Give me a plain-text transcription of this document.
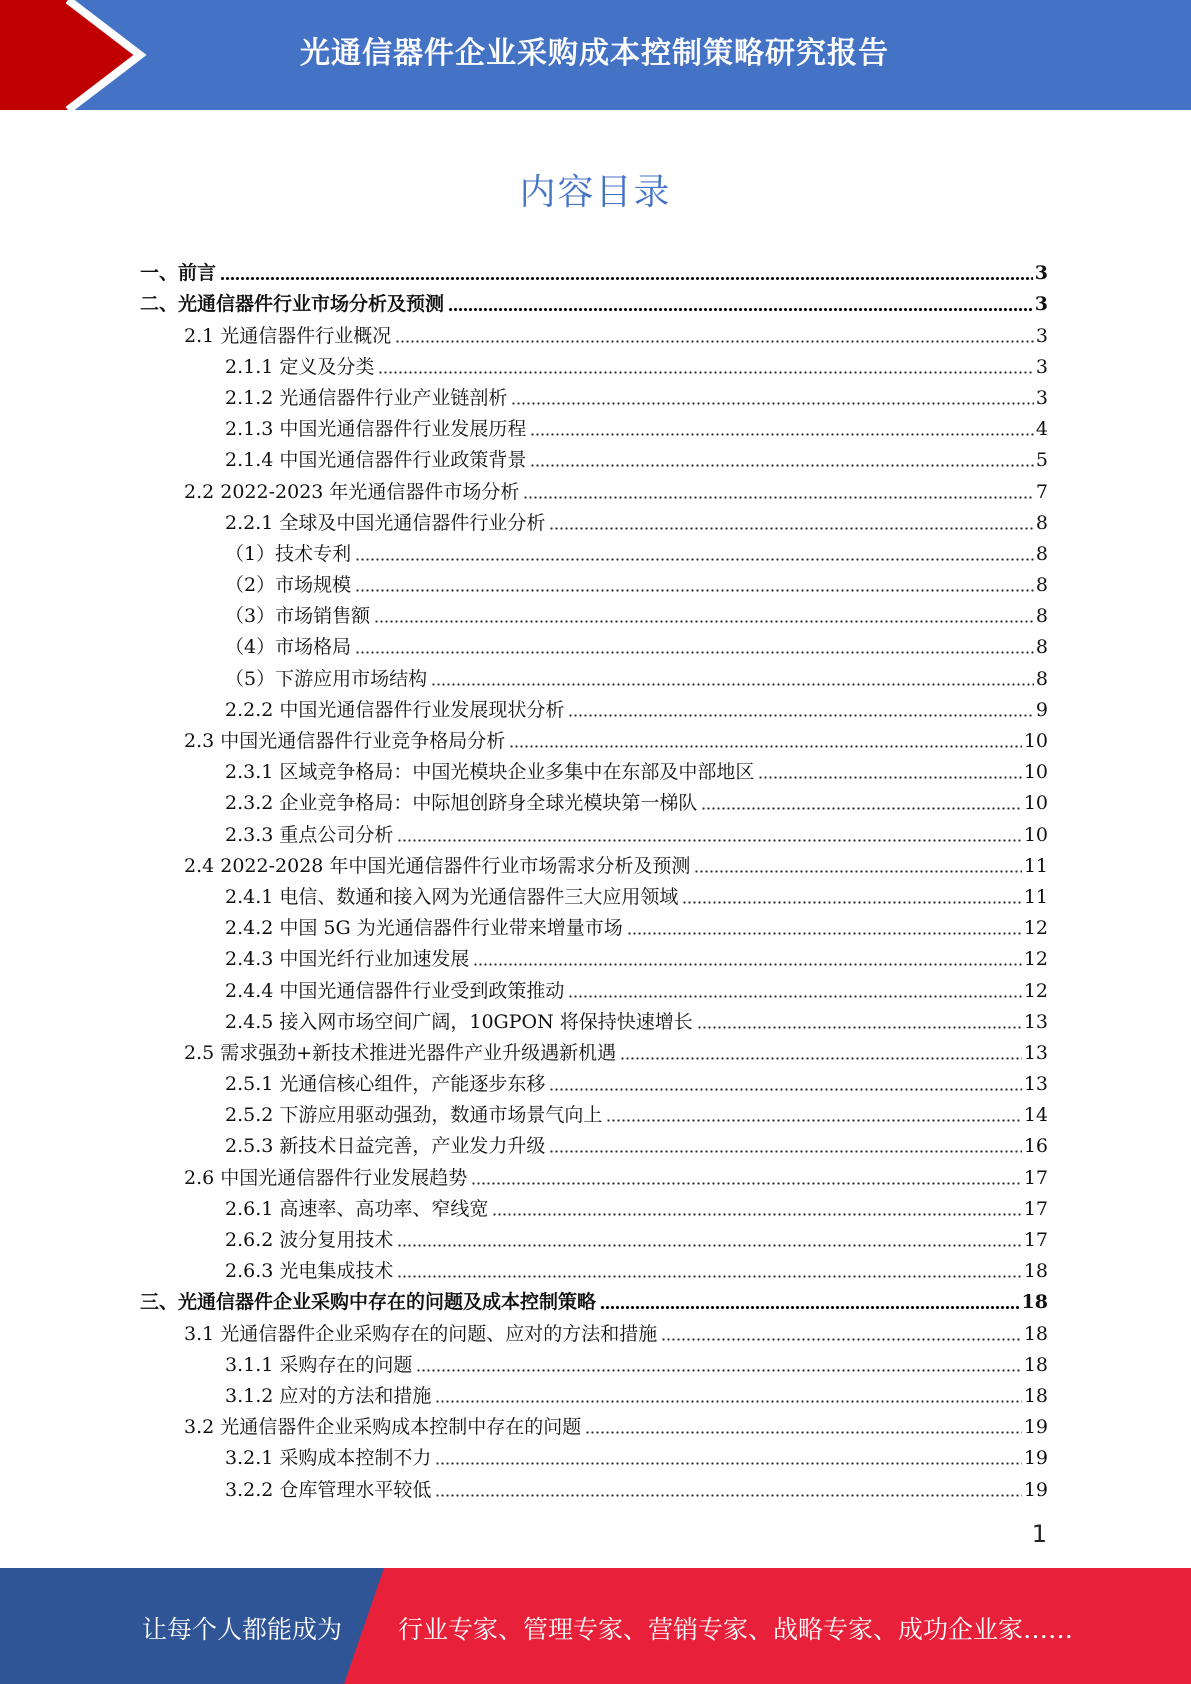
光通信器件企业采购成本控制策略研究报告
内容目录
一、前言	3
二、光通信器件行业市场分析及预测	3
2.1 光通信器件行业概况	3
2.1.1 定义及分类	3
2.1.2 光通信器件行业产业链剖析	3
2.1.3 中国光通信器件行业发展历程	4
2.1.4 中国光通信器件行业政策背景	5
2.2 2022-2023 年光通信器件市场分析	7
2.2.1 全球及中国光通信器件行业分析	8
（1）技术专利	8
（2）市场规模	8
（3）市场销售额	8
（4）市场格局	8
（5）下游应用市场结构	8
2.2.2 中国光通信器件行业发展现状分析	9
2.3 中国光通信器件行业竞争格局分析	10
2.3.1 区域竞争格局：中国光模块企业多集中在东部及中部地区	10
2.3.2 企业竞争格局：中际旭创跻身全球光模块第一梯队	10
2.3.3 重点公司分析	10
2.4 2022-2028 年中国光通信器件行业市场需求分析及预测	11
2.4.1 电信、数通和接入网为光通信器件三大应用领域	11
2.4.2 中国 5G 为光通信器件行业带来增量市场	12
2.4.3 中国光纤行业加速发展	12
2.4.4 中国光通信器件行业受到政策推动	12
2.4.5 接入网市场空间广阔，10GPON 将保持快速增长	13
2.5 需求强劲+新技术推进光器件产业升级遇新机遇	13
2.5.1 光通信核心组件，产能逐步东移	13
2.5.2 下游应用驱动强劲，数通市场景气向上	14
2.5.3 新技术日益完善，产业发力升级	16
2.6 中国光通信器件行业发展趋势	17
2.6.1 高速率、高功率、窄线宽	17
2.6.2 波分复用技术	17
2.6.3 光电集成技术	18
三、光通信器件企业采购中存在的问题及成本控制策略	18
3.1 光通信器件企业采购存在的问题、应对的方法和措施	18
3.1.1 采购存在的问题	18
3.1.2 应对的方法和措施	18
3.2 光通信器件企业采购成本控制中存在的问题	19
3.2.1 采购成本控制不力	19
3.2.2 仓库管理水平较低	19
1
让每个人都能成为 行业专家、管理专家、营销专家、战略专家、成功企业家……
